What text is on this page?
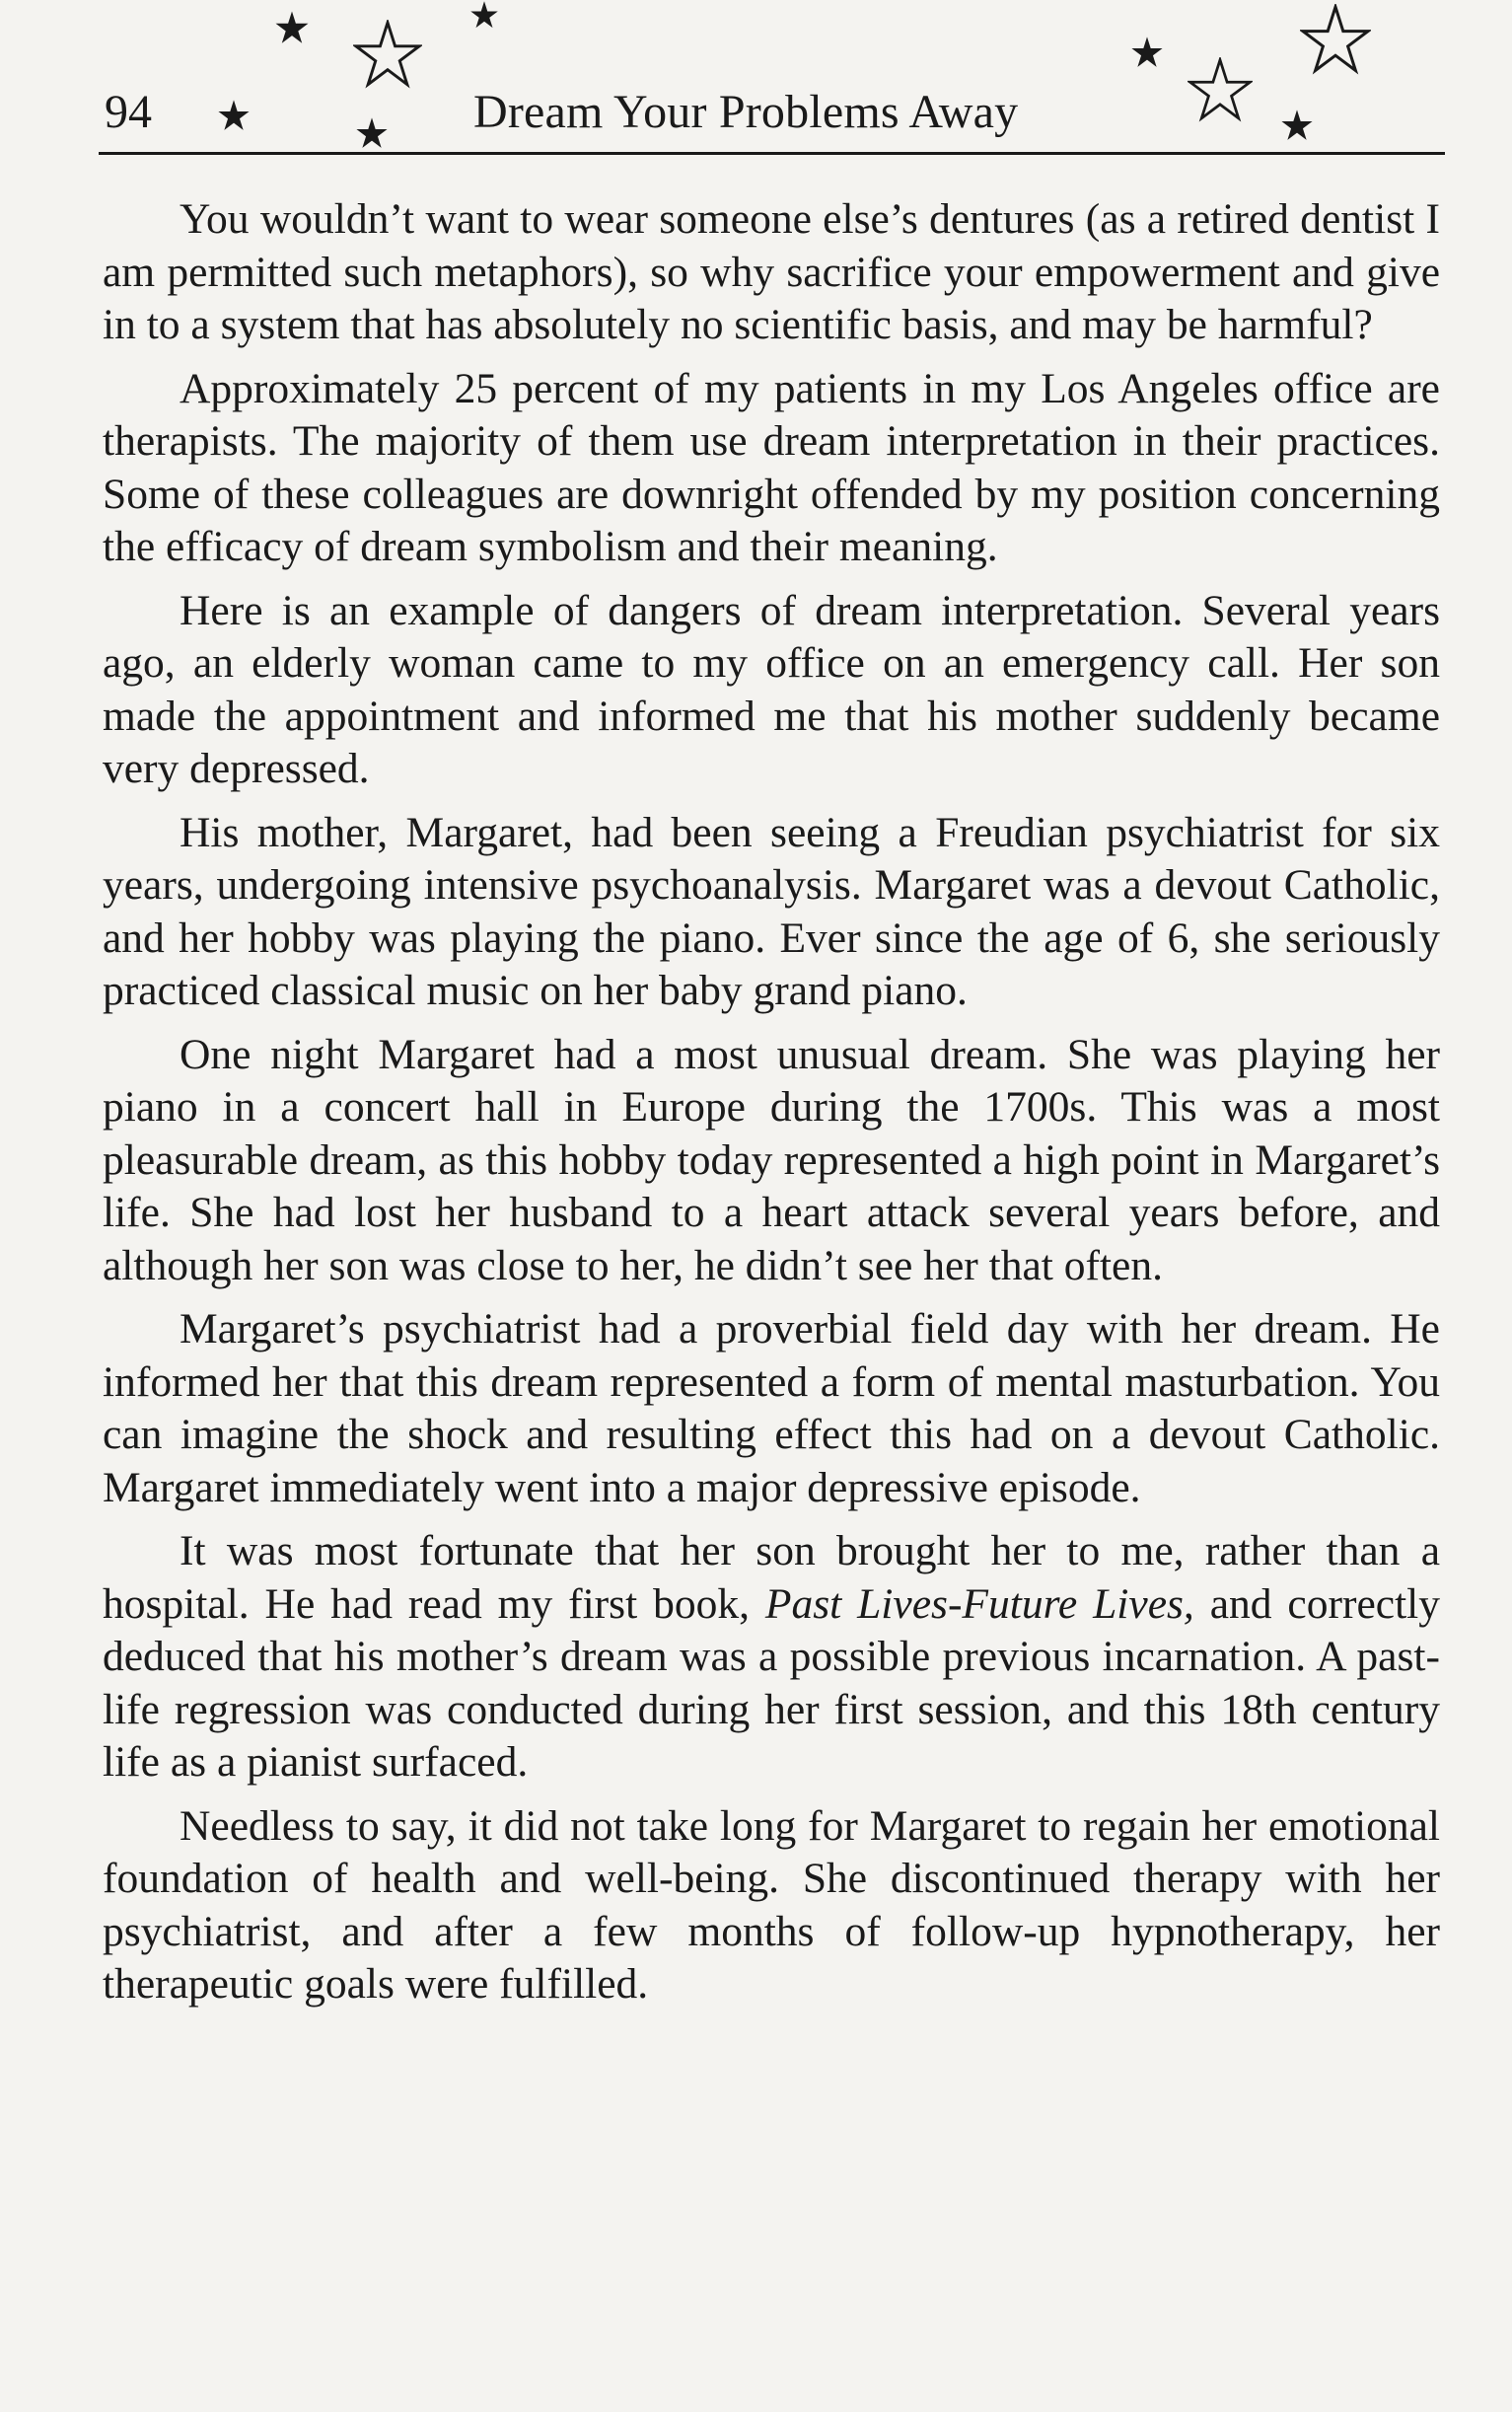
94	Dream Your Problems Away

You wouldn’t want to wear someone else’s dentures (as a retired dentist I am permitted such metaphors), so why sacrifice your empowerment and give in to a system that has absolutely no scientific basis, and may be harmful?

Approximately 25 percent of my patients in my Los Angeles office are therapists. The majority of them use dream interpretation in their practices. Some of these colleagues are downright offended by my position concerning the efficacy of dream symbolism and their meaning.

Here is an example of dangers of dream interpretation. Several years ago, an elderly woman came to my office on an emergency call. Her son made the appointment and informed me that his mother suddenly became very depressed.

His mother, Margaret, had been seeing a Freudian psychiatrist for six years, undergoing intensive psychoanalysis. Margaret was a devout Catholic, and her hobby was playing the piano. Ever since the age of 6, she seriously practiced classical music on her baby grand piano.

One night Margaret had a most unusual dream. She was playing her piano in a concert hall in Europe during the 1700s. This was a most pleasurable dream, as this hobby today represented a high point in Margaret’s life. She had lost her husband to a heart attack several years before, and although her son was close to her, he didn’t see her that often.

Margaret’s psychiatrist had a proverbial field day with her dream. He informed her that this dream represented a form of mental masturbation. You can imagine the shock and resulting effect this had on a devout Catholic. Margaret immediately went into a major depressive episode.

It was most fortunate that her son brought her to me, rather than a hospital. He had read my first book, Past Lives-Future Lives, and correctly deduced that his mother’s dream was a possible previous incarnation. A past-life regression was conducted during her first session, and this 18th century life as a pianist surfaced.

Needless to say, it did not take long for Margaret to regain her emotional foundation of health and well-being. She discontinued therapy with her psychiatrist, and after a few months of follow-up hypnotherapy, her therapeutic goals were fulfilled.
